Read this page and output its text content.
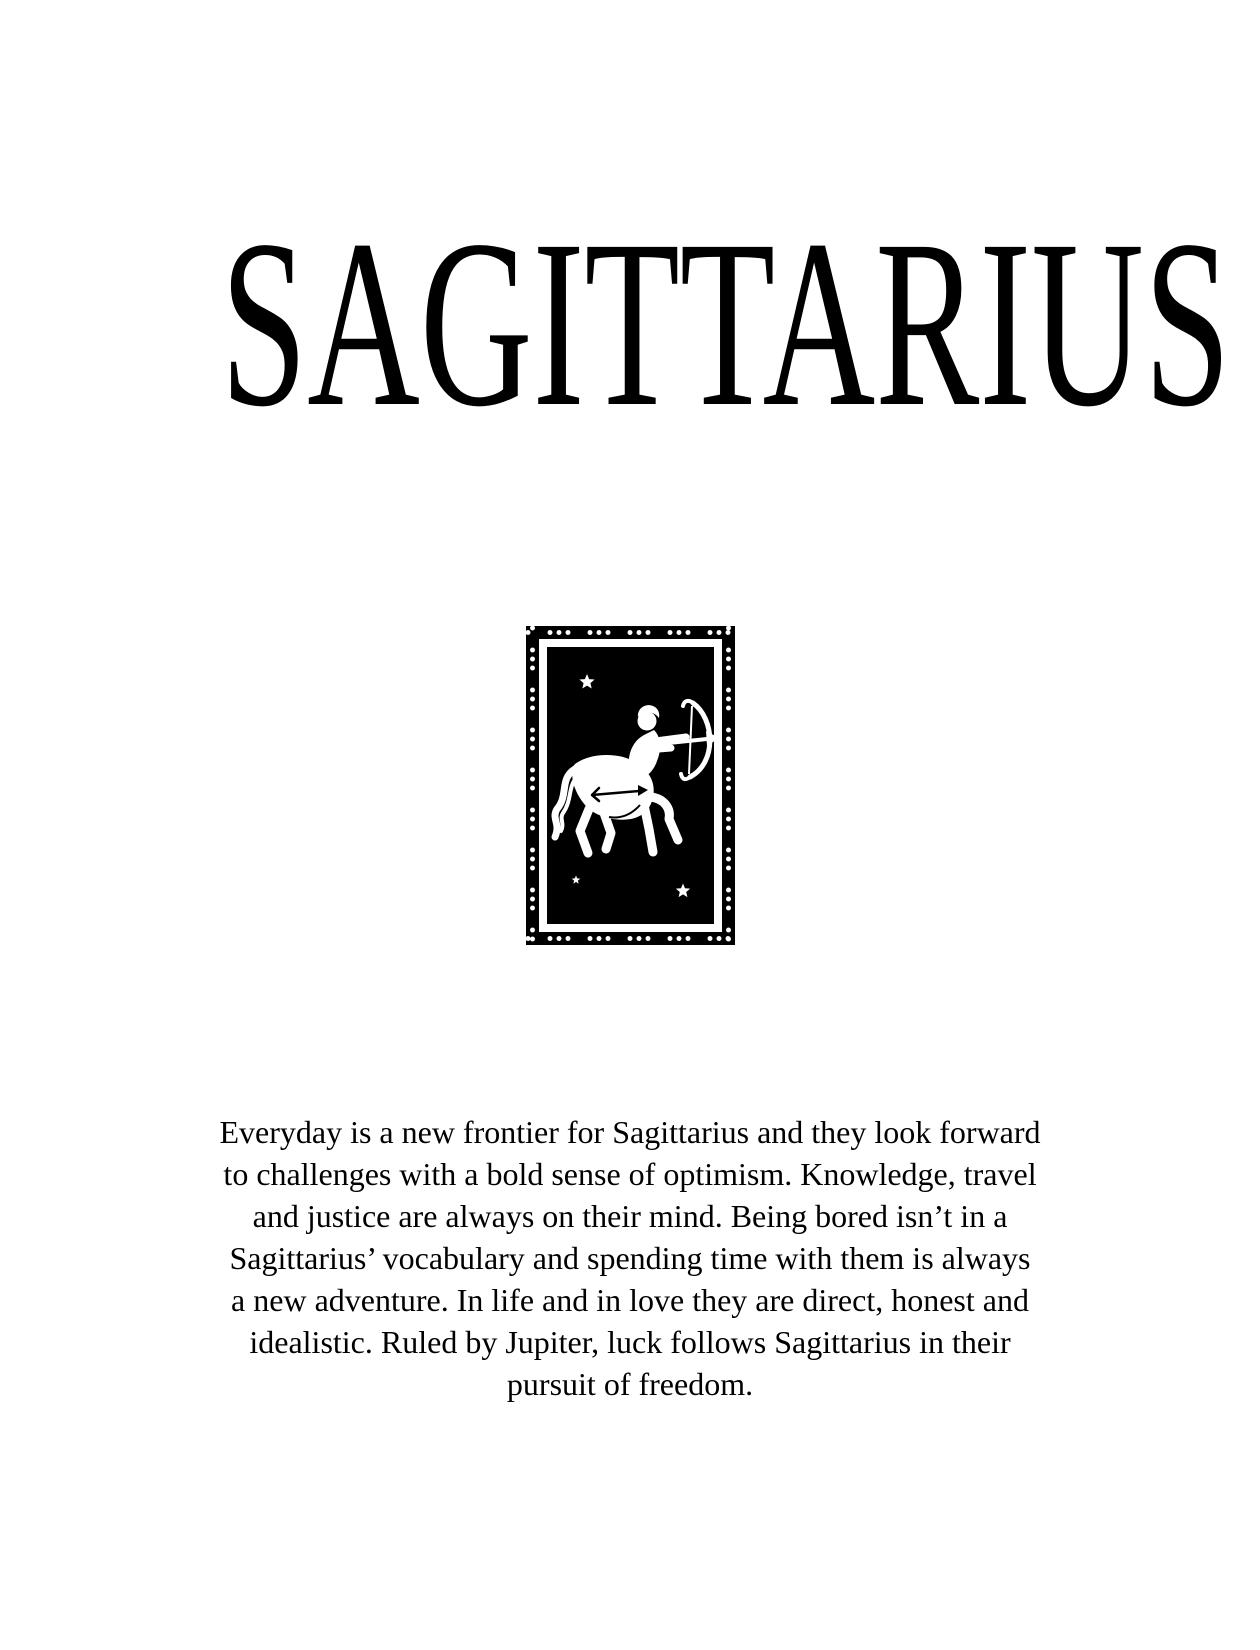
SAGITTARIUS
Everyday is a new frontier for Sagittarius and they look forward
to challenges with a bold sense of optimism. Knowledge, travel
and justice are always on their mind. Being bored isn’t in a
Sagittarius’ vocabulary and spending time with them is always
a new adventure. In life and in love they are direct, honest and
idealistic. Ruled by Jupiter, luck follows Sagittarius in their
pursuit of freedom.
